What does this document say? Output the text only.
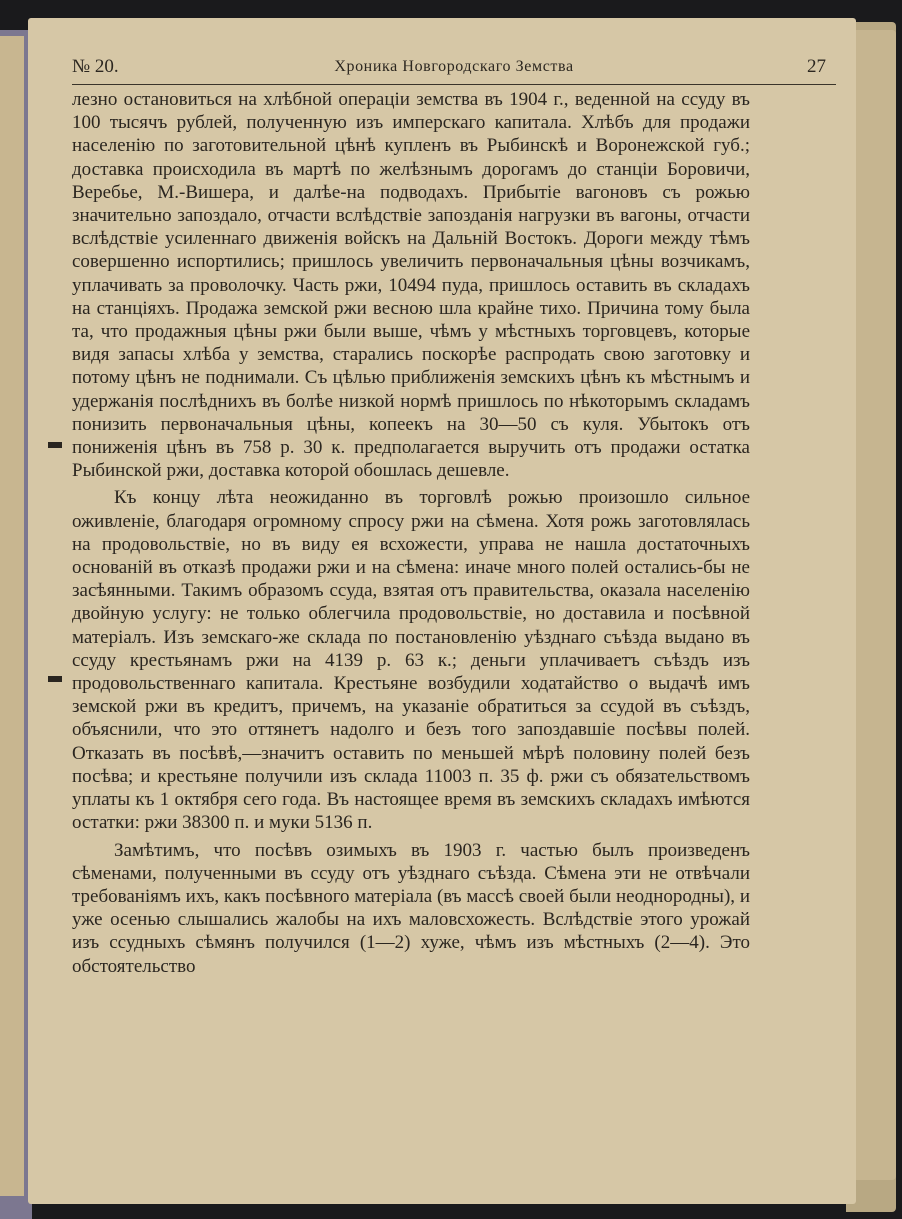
№ 20.	Хроника Новгородскаго Земства	27

лезно остановиться на хлѣбной операціи земства въ 1904 г., веденной на ссуду въ 100 тысячъ рублей, полученную изъ имперскаго капитала. Хлѣбъ для продажи населенію по заготовительной цѣнѣ купленъ въ Рыбинскѣ и Воронежской губ.; доставка происходила въ мартѣ по желѣзнымъ дорогамъ до станціи Боровичи, Веребье, М.-Вишера, и далѣе-на подводахъ. Прибытіе вагоновъ съ рожью значительно запоздало, отчасти вслѣдствіе запозданія нагрузки въ вагоны, отчасти вслѣдствіе усиленнаго движенія войскъ на Дальній Востокъ. Дороги между тѣмъ совершенно испортились; пришлось увеличить первоначальныя цѣны возчикамъ, уплачивать за проволочку. Часть ржи, 10494 пуда, пришлось оставить въ складахъ на станціяхъ. Продажа земской ржи весною шла крайне тихо. Причина тому была та, что продажныя цѣны ржи были выше, чѣмъ у мѣстныхъ торговцевъ, которые видя запасы хлѣба у земства, старались поскорѣе распродать свою заготовку и потому цѣнъ не поднимали. Съ цѣлью приближенія земскихъ цѣнъ къ мѣстнымъ и удержанія послѣднихъ въ болѣе низкой нормѣ пришлось по нѣкоторымъ складамъ понизить первоначальныя цѣны, копеекъ на 30—50 съ куля. Убытокъ отъ пониженія цѣнъ въ 758 р. 30 к. предполагается выручить отъ продажи остатка Рыбинской ржи, доставка которой обошлась дешевле.

Къ концу лѣта неожиданно въ торговлѣ рожью произошло сильное оживленіе, благодаря огромному спросу ржи на сѣмена. Хотя рожь заготовлялась на продовольствіе, но въ виду ея всхожести, управа не нашла достаточныхъ основаній въ отказѣ продажи ржи и на сѣмена: иначе много полей остались-бы не засѣянными. Такимъ образомъ ссуда, взятая отъ правительства, оказала населенію двойную услугу: не только облегчила продовольствіе, но доставила и посѣвной матеріалъ. Изъ земскаго-же склада по постановленію уѣзднаго съѣзда выдано въ ссуду крестьянамъ ржи на 4139 р. 63 к.; деньги уплачиваетъ съѣздъ изъ продовольственнаго капитала. Крестьяне возбудили ходатайство о выдачѣ имъ земской ржи въ кредитъ, причемъ, на указаніе обратиться за ссудой въ съѣздъ, объяснили, что это оттянетъ надолго и безъ того запоздавшіе посѣвы полей. Отказать въ посѣвѣ,—значитъ оставить по меньшей мѣрѣ половину полей безъ посѣва; и крестьяне получили изъ склада 11003 п. 35 ф. ржи съ обязательствомъ уплаты къ 1 октября сего года. Въ настоящее время въ земскихъ складахъ имѣются остатки: ржи 38300 п. и муки 5136 п.

Замѣтимъ, что посѣвъ озимыхъ въ 1903 г. частью былъ произведенъ сѣменами, полученными въ ссуду отъ уѣзднаго съѣзда. Сѣмена эти не отвѣчали требованіямъ ихъ, какъ посѣвного матеріала (въ массѣ своей были неоднородны), и уже осенью слышались жалобы на ихъ маловсхожесть. Вслѣдствіе этого урожай изъ ссудныхъ сѣмянъ получился (1—2) хуже, чѣмъ изъ мѣстныхъ (2—4). Это обстоятельство
